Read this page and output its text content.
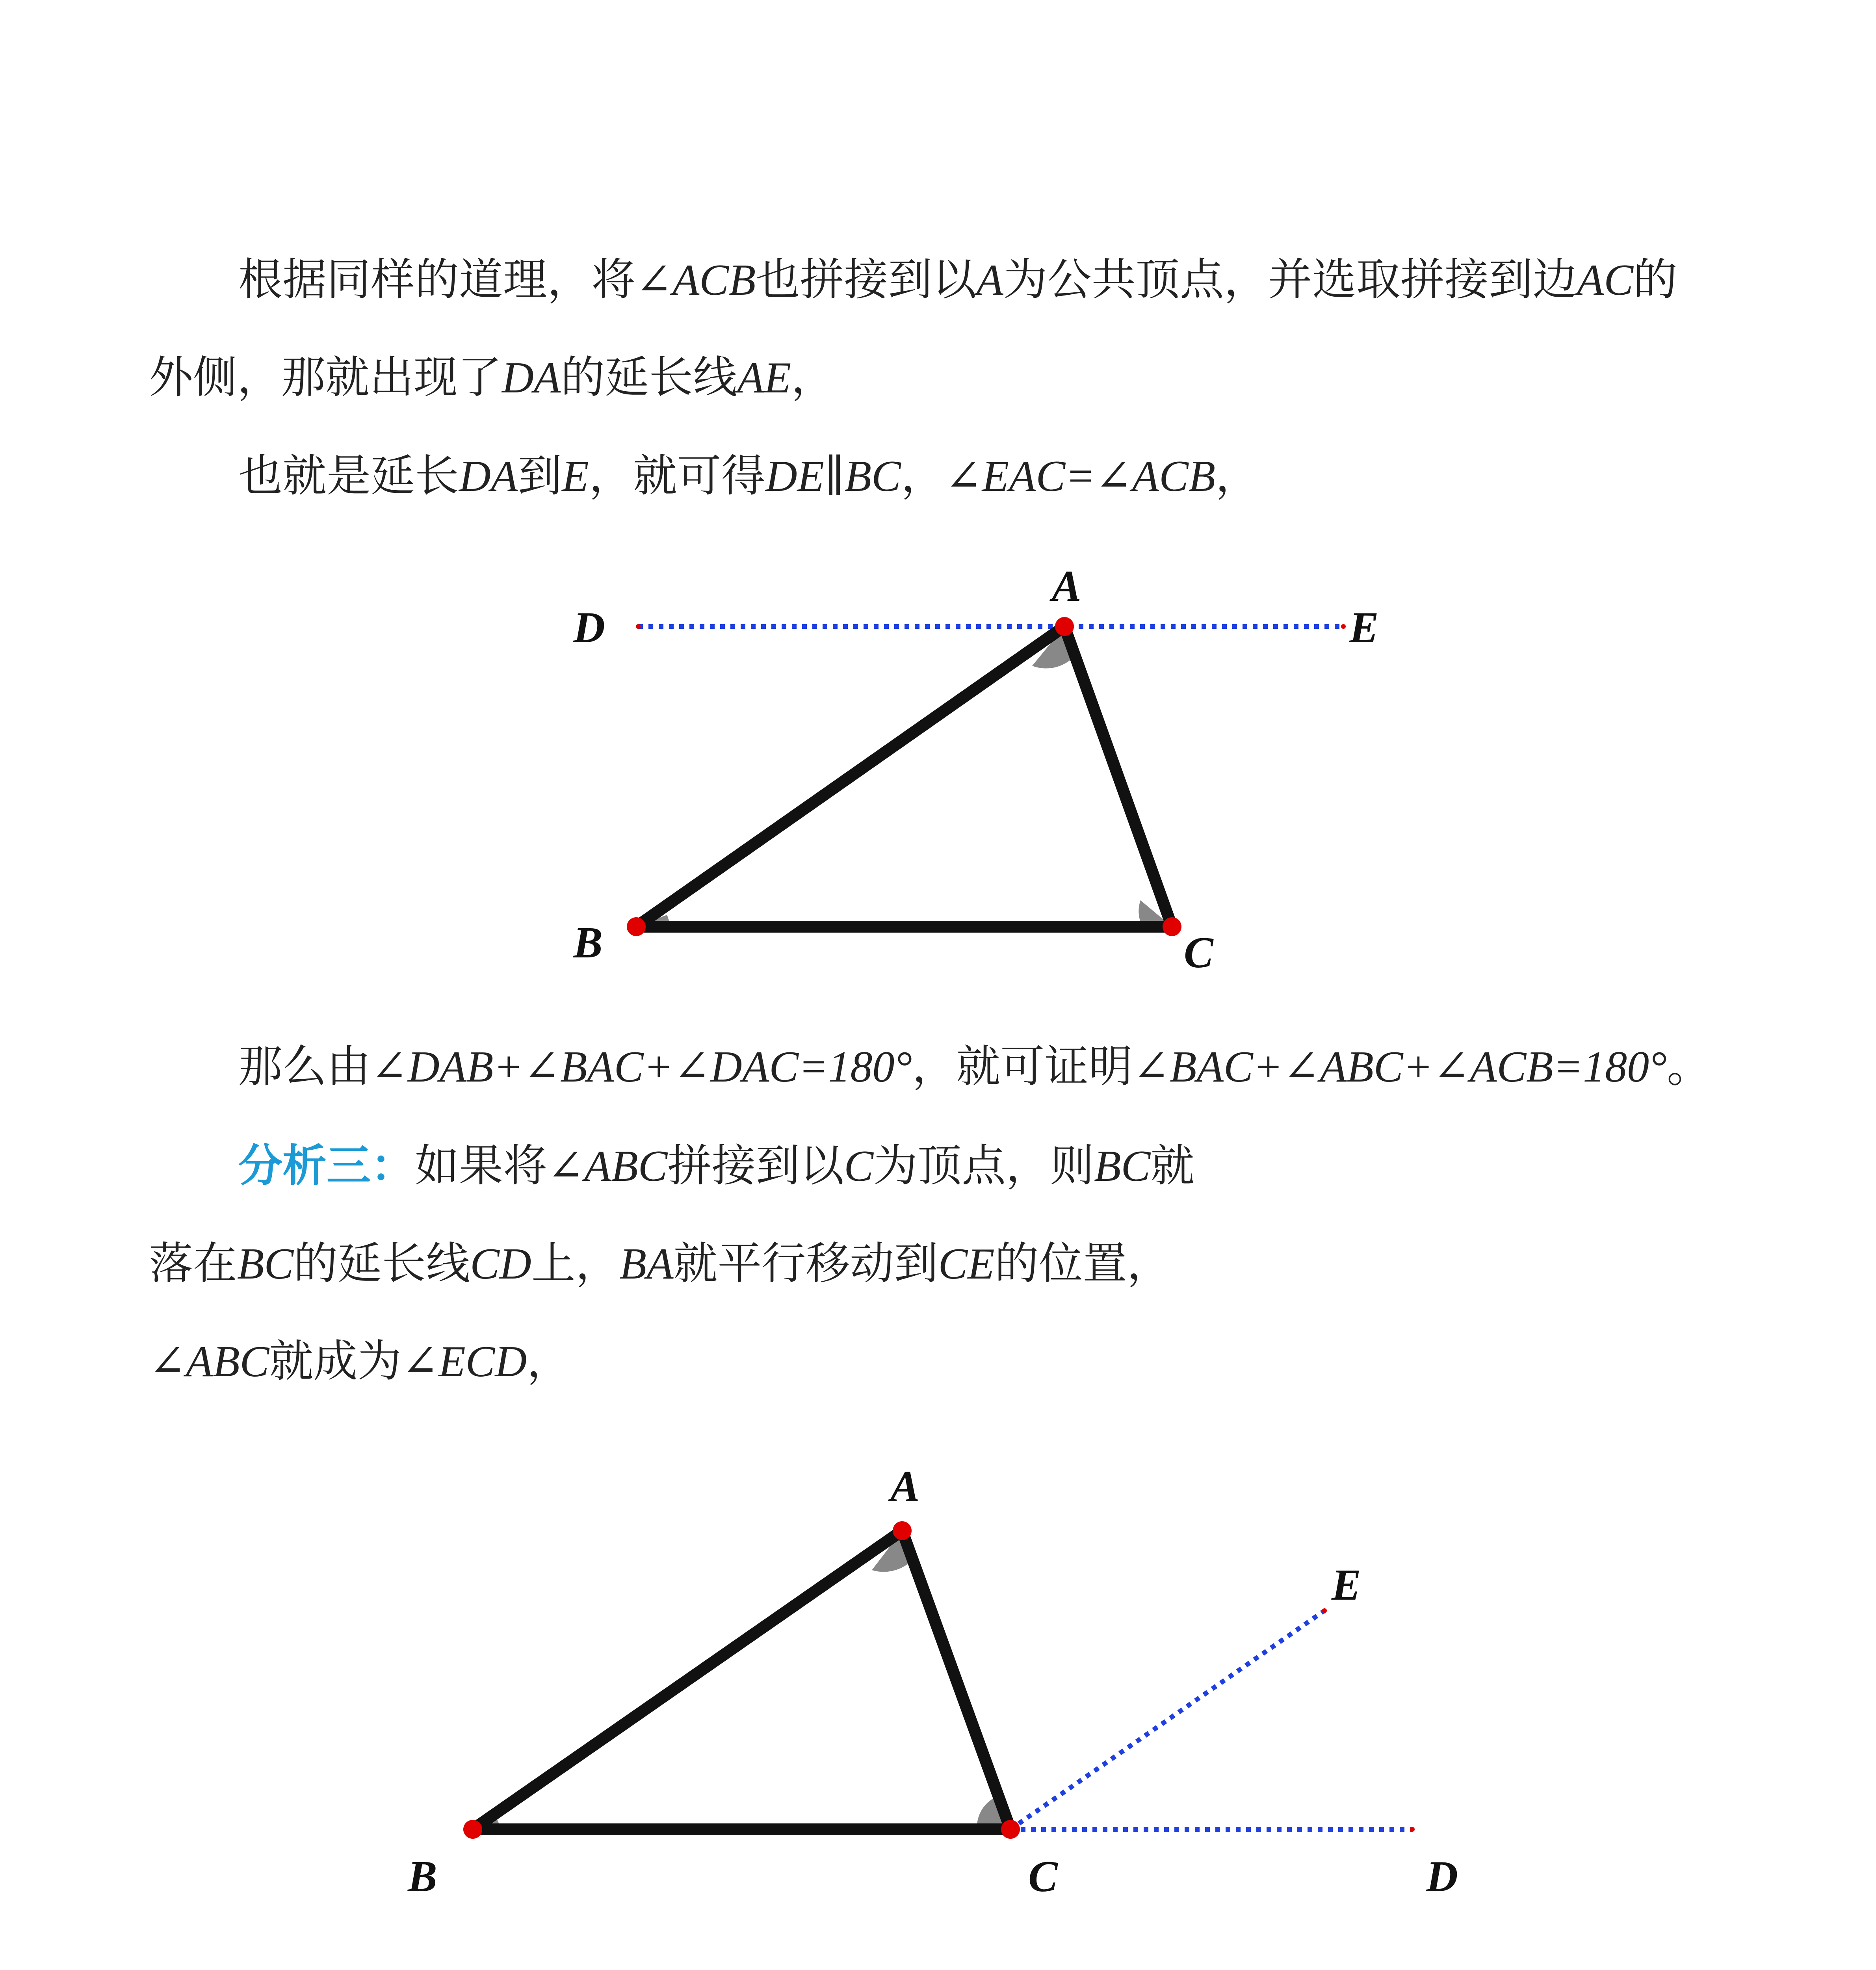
根据同样的道理，将∠ACB也拼接到以A为公共顶点，并选取拼接到边AC的
外侧，那就出现了DA的延长线AE，
也就是延长DA到E，就可得DE∥BC，∠EAC=∠ACB，
D
A
E
B	C
A
E
B	C	D
那么由∠DAB+∠BAC+∠DAC=180°，就可证明∠BAC+∠ABC+∠ACB=180°。
分析三：如果将∠ABC拼接到以C为顶点，则BC就
落在BC的延长线CD上，BA就平行移动到CE的位置，
∠ABC就成为∠ECD，
